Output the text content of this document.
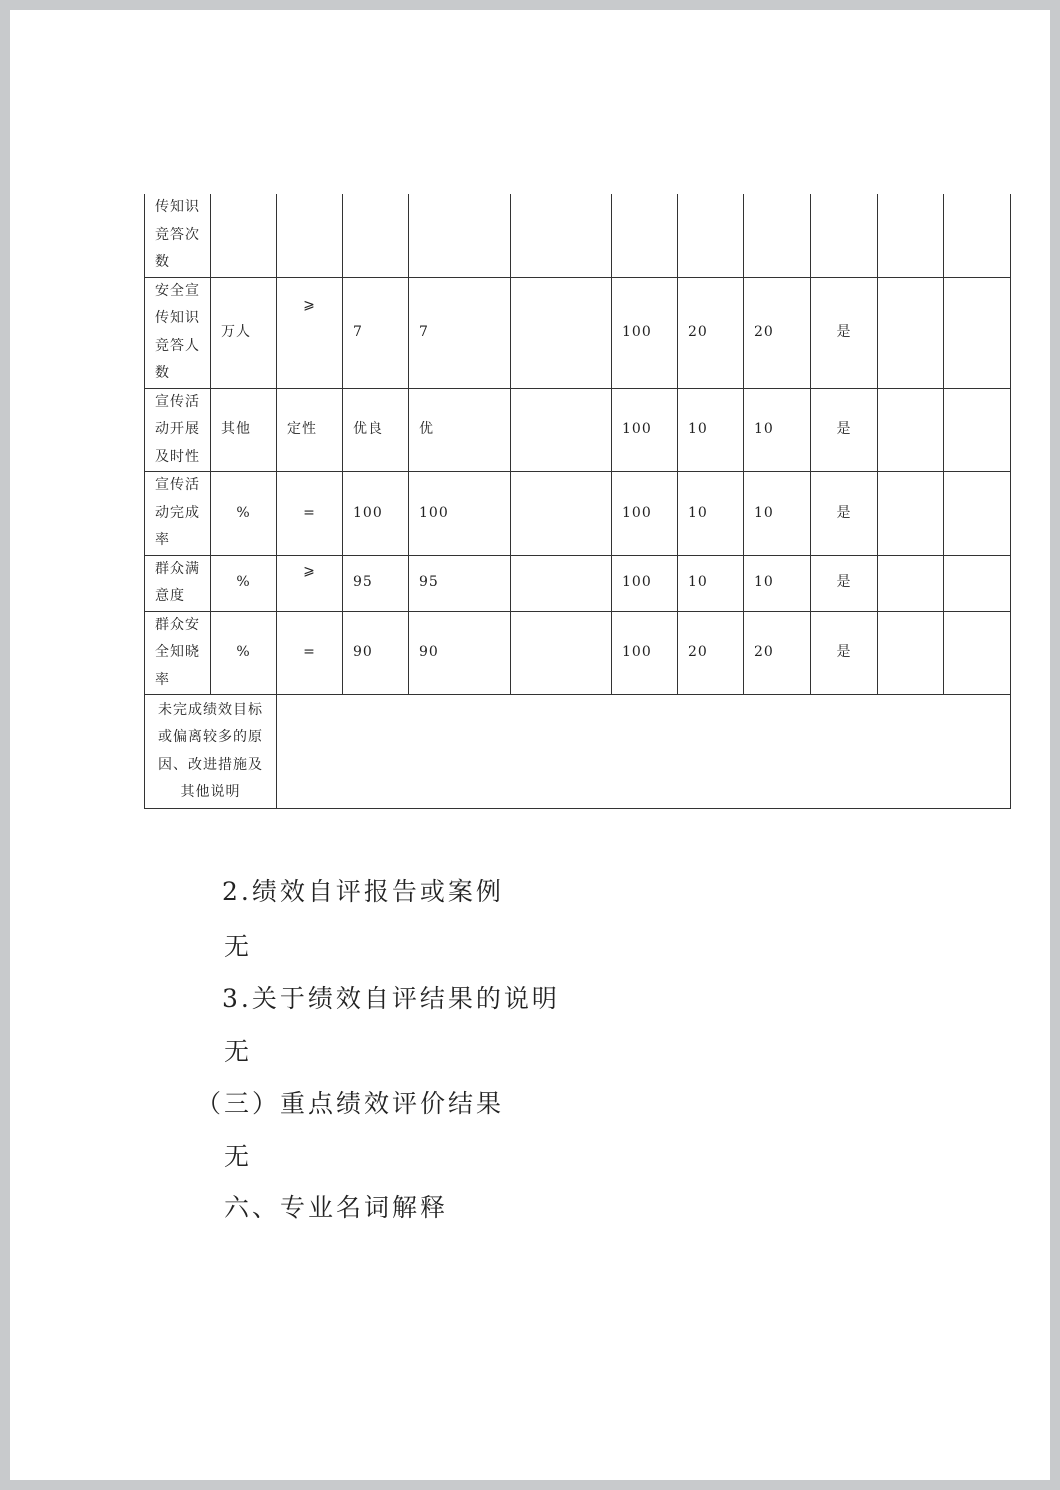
传知识竞答次数											
安全宣传知识竞答人数	万人	⩾	7	7		100	20	20	是		
宣传活动开展及时性	其他	定性	优良	优		100	10	10	是		
宣传活动完成率	%	=	100	100		100	10	10	是		
群众满意度	%	⩾	95	95		100	10	10	是		
群众安全知晓率	%	=	90	90		100	20	20	是		
未完成绩效目标或偏离较多的原因、改进措施及其他说明											
2.绩效自评报告或案例
无
3.关于绩效自评结果的说明
无
（三）重点绩效评价结果
无
六、专业名词解释
